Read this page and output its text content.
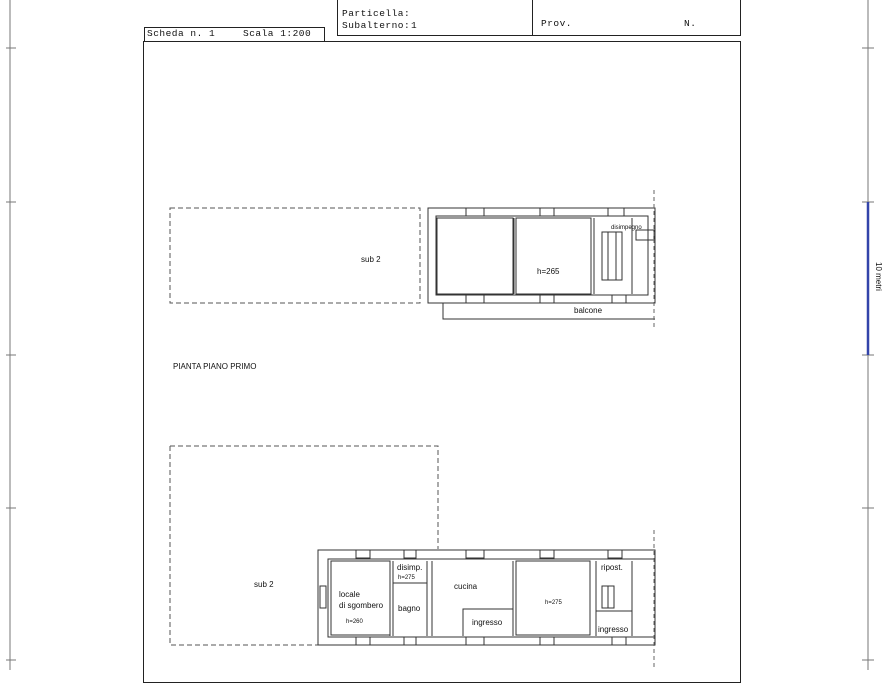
Particella:
Subalterno: 1	Prov.	N.
Scheda n. 1	Scala 1:200
10 metri
sub 2
h=265
disimpegno
balcone
PIANTA PIANO PRIMO
sub 2
locale
di sgombero
h=260
disimp.
h=275
bagno
cucina
ingresso
h=275
ripost.
ingresso
